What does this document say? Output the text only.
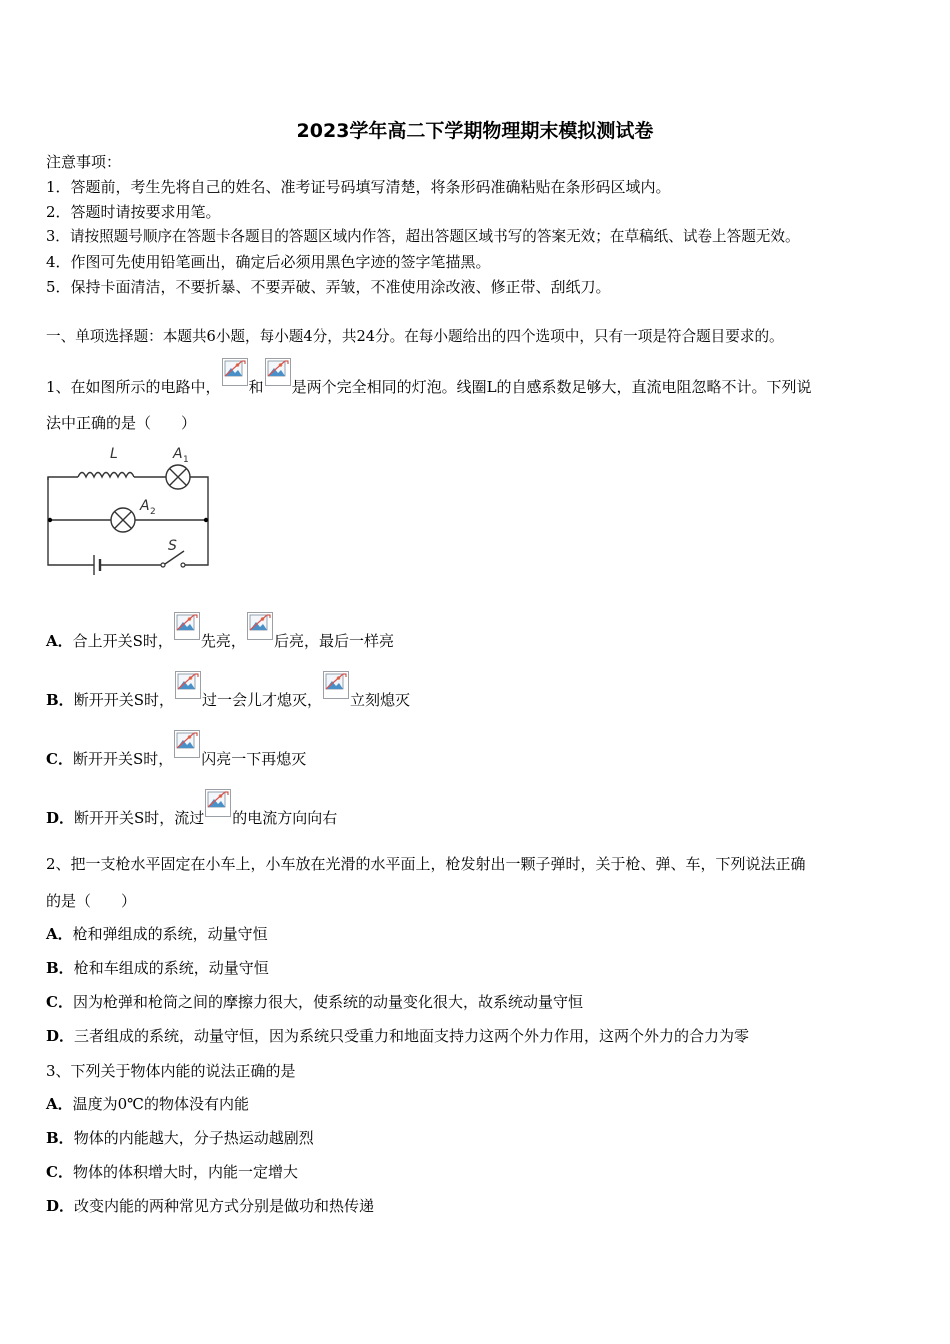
2023学年高二下学期物理期末模拟测试卷
注意事项：
1．答题前，考生先将自己的姓名、准考证号码填写清楚，将条形码准确粘贴在条形码区域内。
2．答题时请按要求用笔。
3．请按照题号顺序在答题卡各题目的答题区域内作答，超出答题区域书写的答案无效；在草稿纸、试卷上答题无效。
4．作图可先使用铅笔画出，确定后必须用黑色字迹的签字笔描黑。
5．保持卡面清洁，不要折暴、不要弄破、弄皱，不准使用涂改液、修正带、刮纸刀。
一、单项选择题：本题共6小题，每小题4分，共24分。在每小题给出的四个选项中，只有一项是符合题目要求的。
1、在如图所示的电路中， 和 是两个完全相同的灯泡。线圈L的自感系数足够大，直流电阻忽略不计。下列说
法中正确的是（　　）
L	A 1
A 2
S
A．合上开关S时， 先亮， 后亮，最后一样亮
B．断开开关S时， 过一会儿才熄灭， 立刻熄灭
C．断开开关S时， 闪亮一下再熄灭
D．断开开关S时，流过 的电流方向向右
2、把一支枪水平固定在小车上，小车放在光滑的水平面上，枪发射出一颗子弹时，关于枪、弹、车，下列说法正确
的是（　　）
A．枪和弹组成的系统，动量守恒
B．枪和车组成的系统，动量守恒
C．因为枪弹和枪筒之间的摩擦力很大，使系统的动量变化很大，故系统动量守恒
D．三者组成的系统，动量守恒，因为系统只受重力和地面支持力这两个外力作用，这两个外力的合力为零
3、下列关于物体内能的说法正确的是
A．温度为0℃的物体没有内能
B．物体的内能越大，分子热运动越剧烈
C．物体的体积增大时，内能一定增大
D．改变内能的两种常见方式分别是做功和热传递
